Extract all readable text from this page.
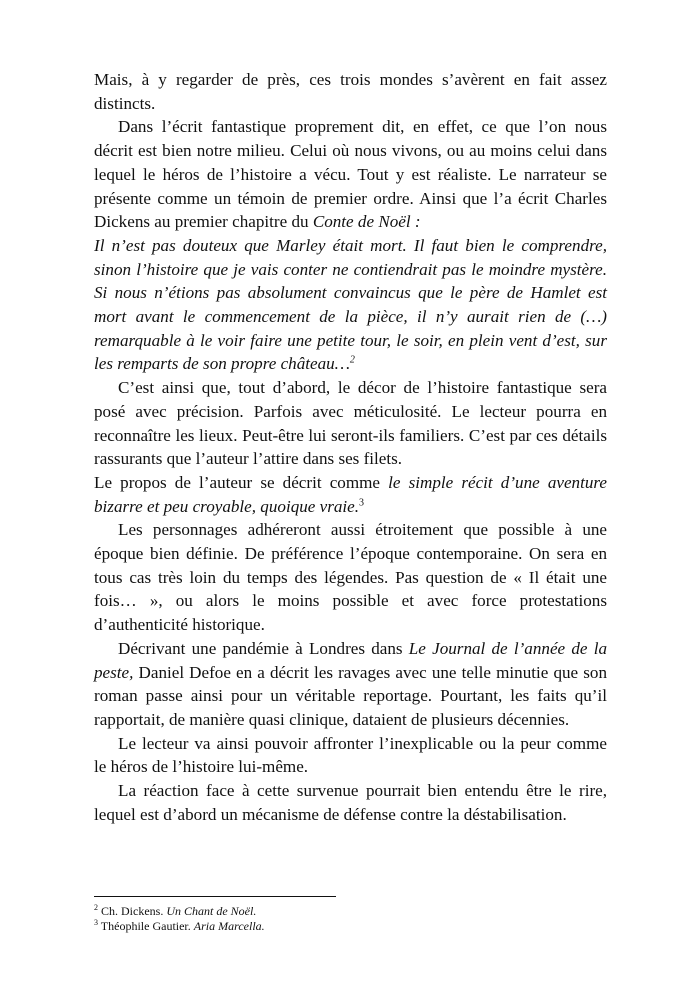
Mais, à y regarder de près, ces trois mondes s’avèrent en fait assez distincts.

Dans l’écrit fantastique proprement dit, en effet, ce que l’on nous décrit est bien notre milieu. Celui où nous vivons, ou au moins celui dans lequel le héros de l’histoire a vécu. Tout y est réaliste. Le narrateur se présente comme un témoin de premier ordre. Ainsi que l’a écrit Charles Dickens au premier chapitre du Conte de Noël :

Il n’est pas douteux que Marley était mort. Il faut bien le comprendre, sinon l’histoire que je vais conter ne contiendrait pas le moindre mystère. Si nous n’étions pas absolument convaincus que le père de Hamlet est mort avant le commencement de la pièce, il n’y aurait rien de (…) remarquable à le voir faire une petite tour, le soir, en plein vent d’est, sur les remparts de son propre château…$^2$

C’est ainsi que, tout d’abord, le décor de l’histoire fantastique sera posé avec précision. Parfois avec méticulosité. Le lecteur pourra en reconnaître les lieux. Peut-être lui seront-ils familiers. C’est par ces détails rassurants que l’auteur l’attire dans ses filets.

Le propos de l’auteur se décrit comme le simple récit d’une aventure bizarre et peu croyable, quoique vraie.$^3$

Les personnages adhéreront aussi étroitement que possible à une époque bien définie. De préférence l’époque contemporaine. On sera en tous cas très loin du temps des légendes. Pas question de « Il était une fois… », ou alors le moins possible et avec force protestations d’authenticité historique.

Décrivant une pandémie à Londres dans Le Journal de l’année de la peste, Daniel Defoe en a décrit les ravages avec une telle minutie que son roman passe ainsi pour un véritable reportage. Pourtant, les faits qu’il rapportait, de manière quasi clinique, dataient de plusieurs décennies.

Le lecteur va ainsi pouvoir affronter l’inexplicable ou la peur comme le héros de l’histoire lui-même.

La réaction face à cette survenue pourrait bien entendu être le rire, lequel est d’abord un mécanisme de défense contre la déstabilisation.

$^2$ Ch. Dickens. Un Chant de Noël.
$^3$ Théophile Gautier. Aria Marcella.
